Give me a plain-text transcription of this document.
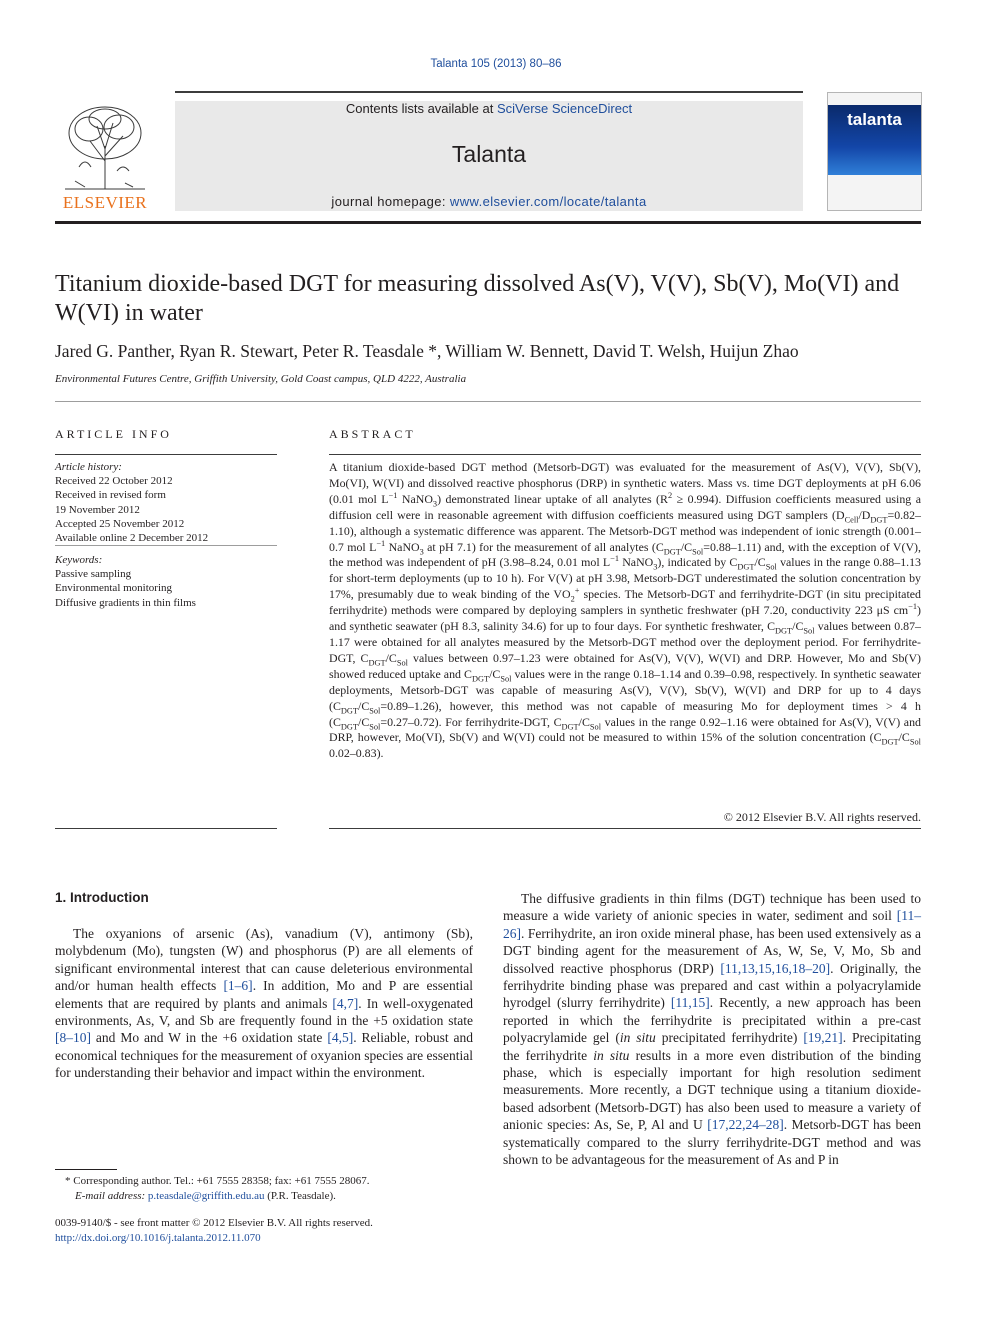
Talanta 105 (2013) 80–86
ELSEVIER
Contents lists available at SciVerse ScienceDirect
Talanta
journal homepage: www.elsevier.com/locate/talanta
talanta
Titanium dioxide-based DGT for measuring dissolved As(V), V(V), Sb(V), Mo(VI) and W(VI) in water
Jared G. Panther, Ryan R. Stewart, Peter R. Teasdale *, William W. Bennett, David T. Welsh, Huijun Zhao
Environmental Futures Centre, Griffith University, Gold Coast campus, QLD 4222, Australia
ARTICLE INFO
Article history:
Received 22 October 2012
Received in revised form
19 November 2012
Accepted 25 November 2012
Available online 2 December 2012
Keywords:
Passive sampling
Environmental monitoring
Diffusive gradients in thin films
ABSTRACT
A titanium dioxide-based DGT method (Metsorb-DGT) was evaluated for the measurement of As(V), V(V), Sb(V), Mo(VI), W(VI) and dissolved reactive phosphorus (DRP) in synthetic waters. Mass vs. time DGT deployments at pH 6.06 (0.01 mol $L^{-1}$ NaNO$_3$) demonstrated linear uptake of all analytes $(R^2 \ge 0.994)$. Diffusion coefficients measured using a diffusion cell were in reasonable agreement with diffusion coefficients measured using DGT samplers $(D_{Cell}/D_{DGT}=0.82-1.10)$, although a systematic difference was apparent. The Metsorb-DGT method was independent of ionic strength (0.001–0.7 mol $L^{-1}$ NaNO$_3$ at pH 7.1) for the measurement of all analytes $(C_{DGT}/C_{Sol}=0.88-1.11)$ and, with the exception of V(V), the method was independent of pH (3.98–8.24, 0.01 mol $L^{-1}$ NaNO$_3$), indicated by $C_{DGT}/C_{Sol}$ values in the range 0.88–1.13 for short-term deployments (up to 10 h). For V(V) at pH 3.98, Metsorb-DGT underestimated the solution concentration by 17%, presumably due to weak binding of the $VO_2^+$ species. The Metsorb-DGT and ferrihydrite-DGT (in situ precipitated ferrihydrite) methods were compared by deploying samplers in synthetic freshwater (pH 7.20, conductivity 223 μS $cm^{-1}$) and synthetic seawater (pH 8.3, salinity 34.6) for up to four days. For synthetic freshwater, $C_{DGT}/C_{Sol}$ values between 0.87–1.17 were obtained for all analytes measured by the Metsorb-DGT method over the deployment period. For ferrihydrite-DGT, $C_{DGT}/C_{Sol}$ values between 0.97–1.23 were obtained for As(V), V(V), W(VI) and DRP. However, Mo and Sb(V) showed reduced uptake and $C_{DGT}/C_{Sol}$ values were in the range 0.18–1.14 and 0.39–0.98, respectively. In synthetic seawater deployments, Metsorb-DGT was capable of measuring As(V), V(V), Sb(V), W(VI) and DRP for up to 4 days $(C_{DGT}/C_{Sol}=0.89-1.26)$, however, this method was not capable of measuring Mo for deployment times > 4 h $(C_{DGT}/C_{Sol}=0.27-0.72)$. For ferrihydrite-DGT, $C_{DGT}/C_{Sol}$ values in the range 0.92–1.16 were obtained for As(V), V(V) and DRP, however, Mo(VI), Sb(V) and W(VI) could not be measured to within 15% of the solution concentration ($C_{DGT}/C_{Sol}$ 0.02–0.83).
© 2012 Elsevier B.V. All rights reserved.
1. Introduction
The oxyanions of arsenic (As), vanadium (V), antimony (Sb), molybdenum (Mo), tungsten (W) and phosphorus (P) are all elements of significant environmental interest that can cause deleterious environmental and/or human health effects [1–6]. In addition, Mo and P are essential elements that are required by plants and animals [4,7]. In well-oxygenated environments, As, V, and Sb are frequently found in the +5 oxidation state [8–10] and Mo and W in the +6 oxidation state [4,5]. Reliable, robust and economical techniques for the measurement of oxyanion species are essential for understanding their behavior and impact within the environment.
The diffusive gradients in thin films (DGT) technique has been used to measure a wide variety of anionic species in water, sediment and soil [11–26]. Ferrihydrite, an iron oxide mineral phase, has been used extensively as a DGT binding agent for the measurement of As, W, Se, V, Mo, Sb and dissolved reactive phosphorus (DRP) [11,13,15,16,18–20]. Originally, the ferrihydrite binding phase was prepared and cast within a polyacrylamide hyrodgel (slurry ferrihydrite) [11,15]. Recently, a new approach has been reported in which the ferrihydrite is precipitated within a pre-cast polyacrylamide gel (in situ precipitated ferrihydrite) [19,21]. Precipitating the ferrihydrite in situ results in a more even distribution of the binding phase, which is especially important for high resolution sediment measurements. More recently, a DGT technique using a titanium dioxide-based adsorbent (Metsorb-DGT) has also been used to measure a variety of anionic species: As, Se, P, Al and U [17,22,24–28]. Metsorb-DGT has been systematically compared to the slurry ferrihydrite-DGT method and was shown to be advantageous for the measurement of As and P in
* Corresponding author. Tel.: +61 7555 28358; fax: +61 7555 28067.
E-mail address: p.teasdale@griffith.edu.au (P.R. Teasdale).
0039-9140/$ - see front matter © 2012 Elsevier B.V. All rights reserved.
http://dx.doi.org/10.1016/j.talanta.2012.11.070
